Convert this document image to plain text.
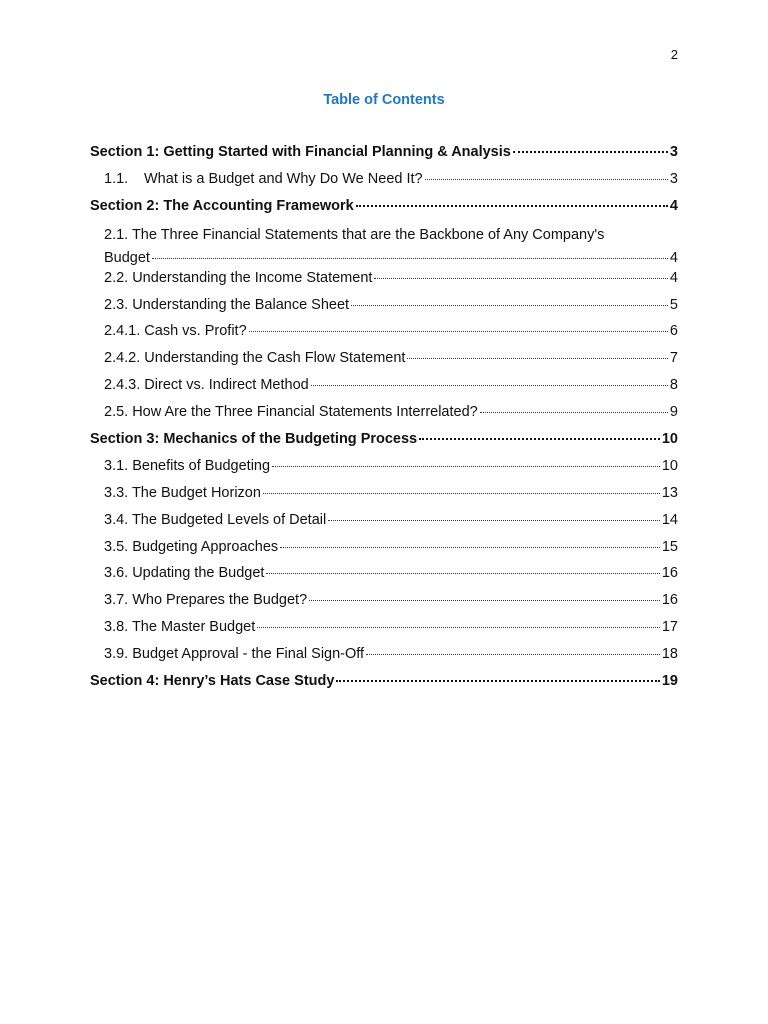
2
Table of Contents
Section 1: Getting Started with Financial Planning & Analysis	3
1.1.	What is a Budget and Why Do We Need It?	3
Section 2: The Accounting Framework	4
2.1. The Three Financial Statements that are the Backbone of Any Company's
Budget	4
2.2. Understanding the Income Statement	4
2.3. Understanding the Balance Sheet	5
2.4.1. Cash vs. Profit?	6
2.4.2. Understanding the Cash Flow Statement	7
2.4.3. Direct vs. Indirect Method	8
2.5. How Are the Three Financial Statements Interrelated?	9
Section 3: Mechanics of the Budgeting Process	10
3.1. Benefits of Budgeting	10
3.3. The Budget Horizon	13
3.4. The Budgeted Levels of Detail	14
3.5. Budgeting Approaches	15
3.6. Updating the Budget	16
3.7. Who Prepares the Budget?	16
3.8. The Master Budget	17
3.9. Budget Approval - the Final Sign-Off	18
Section 4: Henry’s Hats Case Study	19
